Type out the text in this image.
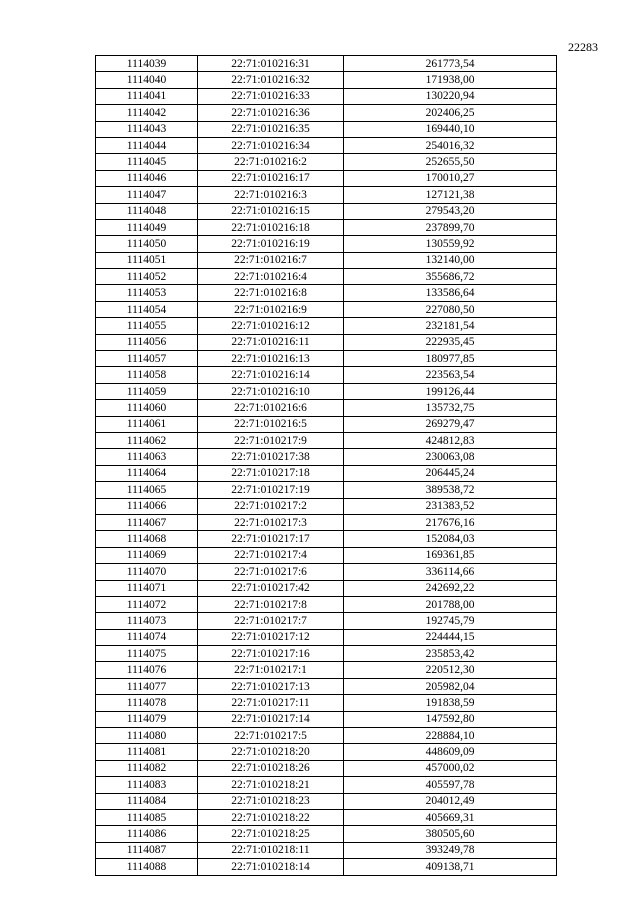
22283
1114039	22:71:010216:31	261773,54
1114040	22:71:010216:32	171938,00
1114041	22:71:010216:33	130220,94
1114042	22:71:010216:36	202406,25
1114043	22:71:010216:35	169440,10
1114044	22:71:010216:34	254016,32
1114045	22:71:010216:2	252655,50
1114046	22:71:010216:17	170010,27
1114047	22:71:010216:3	127121,38
1114048	22:71:010216:15	279543,20
1114049	22:71:010216:18	237899,70
1114050	22:71:010216:19	130559,92
1114051	22:71:010216:7	132140,00
1114052	22:71:010216:4	355686,72
1114053	22:71:010216:8	133586,64
1114054	22:71:010216:9	227080,50
1114055	22:71:010216:12	232181,54
1114056	22:71:010216:11	222935,45
1114057	22:71:010216:13	180977,85
1114058	22:71:010216:14	223563,54
1114059	22:71:010216:10	199126,44
1114060	22:71:010216:6	135732,75
1114061	22:71:010216:5	269279,47
1114062	22:71:010217:9	424812,83
1114063	22:71:010217:38	230063,08
1114064	22:71:010217:18	206445,24
1114065	22:71:010217:19	389538,72
1114066	22:71:010217:2	231383,52
1114067	22:71:010217:3	217676,16
1114068	22:71:010217:17	152084,03
1114069	22:71:010217:4	169361,85
1114070	22:71:010217:6	336114,66
1114071	22:71:010217:42	242692,22
1114072	22:71:010217:8	201788,00
1114073	22:71:010217:7	192745,79
1114074	22:71:010217:12	224444,15
1114075	22:71:010217:16	235853,42
1114076	22:71:010217:1	220512,30
1114077	22:71:010217:13	205982,04
1114078	22:71:010217:11	191838,59
1114079	22:71:010217:14	147592,80
1114080	22:71:010217:5	228884,10
1114081	22:71:010218:20	448609,09
1114082	22:71:010218:26	457000,02
1114083	22:71:010218:21	405597,78
1114084	22:71:010218:23	204012,49
1114085	22:71:010218:22	405669,31
1114086	22:71:010218:25	380505,60
1114087	22:71:010218:11	393249,78
1114088	22:71:010218:14	409138,71
